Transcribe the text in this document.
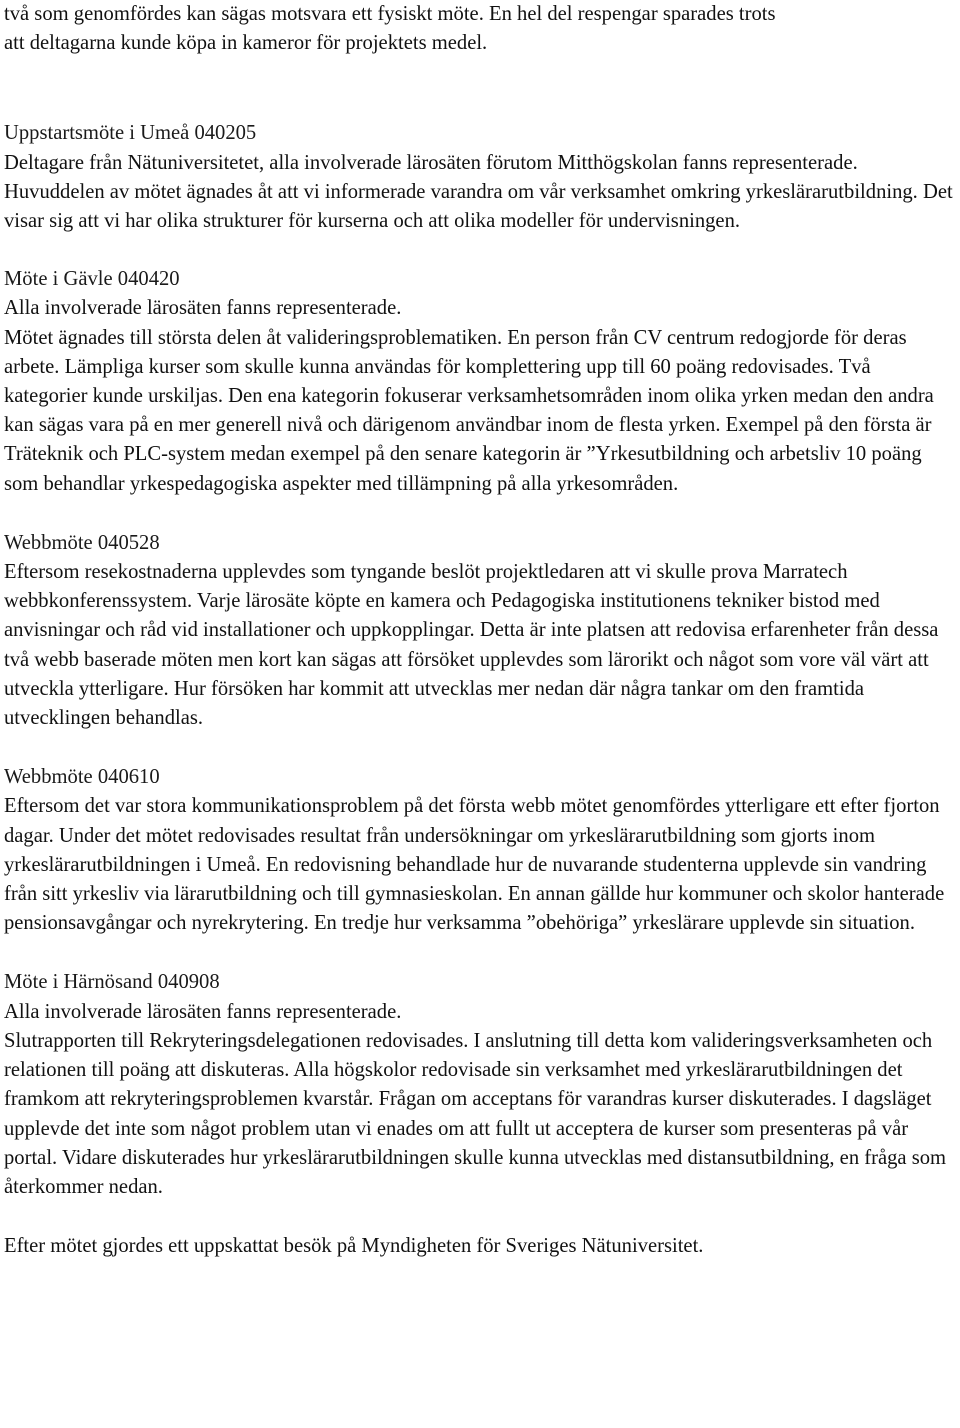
två som genomfördes kan sägas motsvara ett fysiskt möte. En hel del respengar sparades trots

att deltagarna kunde köpa in kameror för projektets medel.

Uppstartsmöte i Umeå 040205

Deltagare från Nätuniversitetet, alla involverade lärosäten förutom Mitthögskolan fanns representerade. Huvuddelen av mötet ägnades åt att vi informerade varandra om vår verksamhet omkring yrkeslärarutbildning. Det visar sig att vi har olika strukturer för kurserna och att olika modeller för undervisningen.

Möte i Gävle 040420

Alla involverade lärosäten fanns representerade.

Mötet ägnades till största delen åt valideringsproblematiken. En person från CV centrum redogjorde för deras arbete. Lämpliga kurser som skulle kunna användas för komplettering upp till 60 poäng redovisades. Två kategorier kunde urskiljas. Den ena kategorin fokuserar verksamhetsområden inom olika yrken medan den andra kan sägas vara på en mer generell nivå och därigenom användbar inom de flesta yrken. Exempel på den första är Träteknik och PLC-system medan exempel på den senare kategorin är ”Yrkesutbildning och arbetsliv 10 poäng som behandlar yrkespedagogiska aspekter med tillämpning på alla yrkesområden.

Webbmöte 040528

Eftersom resekostnaderna upplevdes som tyngande beslöt projektledaren att vi skulle prova Marratech webbkonferenssystem. Varje lärosäte köpte en kamera och Pedagogiska institutionens tekniker bistod med anvisningar och råd vid installationer och uppkopplingar. Detta är inte platsen att redovisa erfarenheter från dessa två webb baserade möten men kort kan sägas att försöket upplevdes som lärorikt och något som vore väl värt att utveckla ytterligare. Hur försöken har kommit att utvecklas mer nedan där några tankar om den framtida utvecklingen behandlas.

Webbmöte 040610

Eftersom det var stora kommunikationsproblem på det första webb mötet genomfördes ytterligare ett efter fjorton dagar. Under det mötet redovisades resultat från undersökningar om yrkeslärarutbildning som gjorts inom yrkeslärarutbildningen i Umeå. En redovisning behandlade hur de nuvarande studenterna upplevde sin vandring från sitt yrkesliv via lärarutbildning och till gymnasieskolan. En annan gällde hur kommuner och skolor hanterade pensionsavgångar och nyrekrytering. En tredje hur verksamma ”obehöriga” yrkeslärare upplevde sin situation.

Möte i Härnösand 040908

Alla involverade lärosäten fanns representerade.

Slutrapporten till Rekryteringsdelegationen redovisades. I anslutning till detta kom valideringsverksamheten och relationen till poäng att diskuteras. Alla högskolor redovisade sin verksamhet med yrkeslärarutbildningen det framkom att rekryteringsproblemen kvarstår. Frågan om acceptans för varandras kurser diskuterades. I dagsläget upplevde det inte som något problem utan vi enades om att fullt ut acceptera de kurser som presenteras på vår portal. Vidare diskuterades hur yrkeslärarutbildningen skulle kunna utvecklas med distansutbildning, en fråga som återkommer nedan.

Efter mötet gjordes ett uppskattat besök på Myndigheten för Sveriges Nätuniversitet.
